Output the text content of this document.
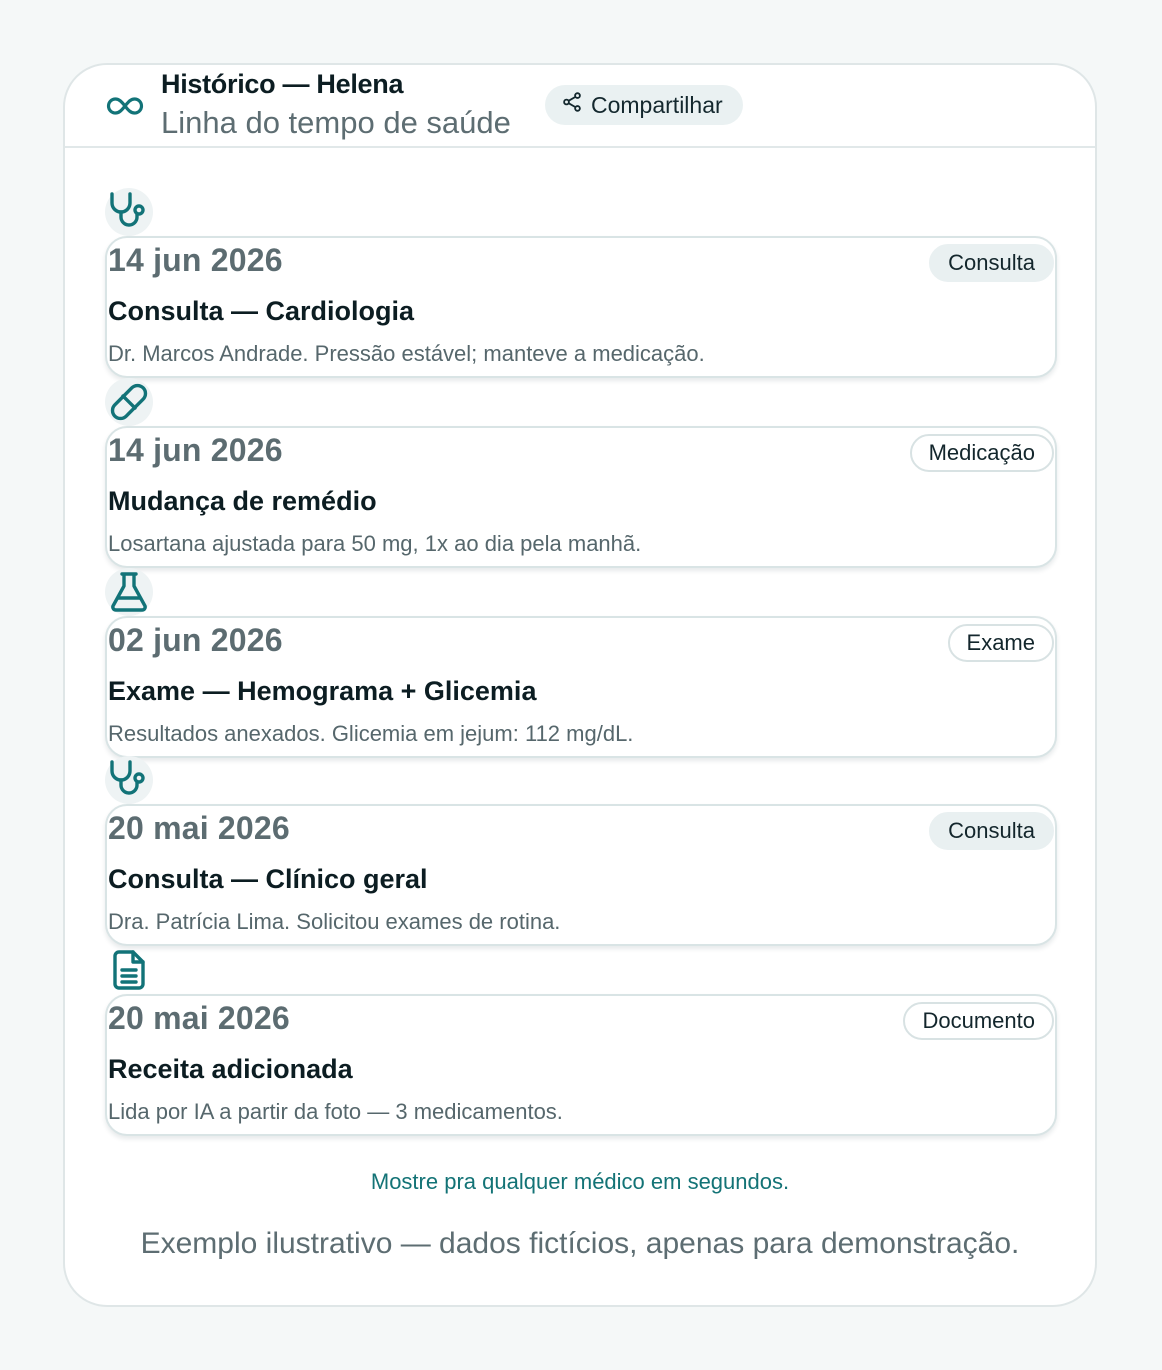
Histórico — Helena
Linha do tempo de saúde
Compartilhar
14 jun 2026	Consulta
Consulta — Cardiologia
Dr. Marcos Andrade. Pressão estável; manteve a medicação.
14 jun 2026	Medicação
Mudança de remédio
Losartana ajustada para 50 mg, 1x ao dia pela manhã.
02 jun 2026	Exame
Exame — Hemograma + Glicemia
Resultados anexados. Glicemia em jejum: 112 mg/dL.
20 mai 2026	Consulta
Consulta — Clínico geral
Dra. Patrícia Lima. Solicitou exames de rotina.
20 mai 2026	Documento
Receita adicionada
Lida por IA a partir da foto — 3 medicamentos.
Mostre pra qualquer médico em segundos.
Exemplo ilustrativo — dados fictícios, apenas para demonstração.
